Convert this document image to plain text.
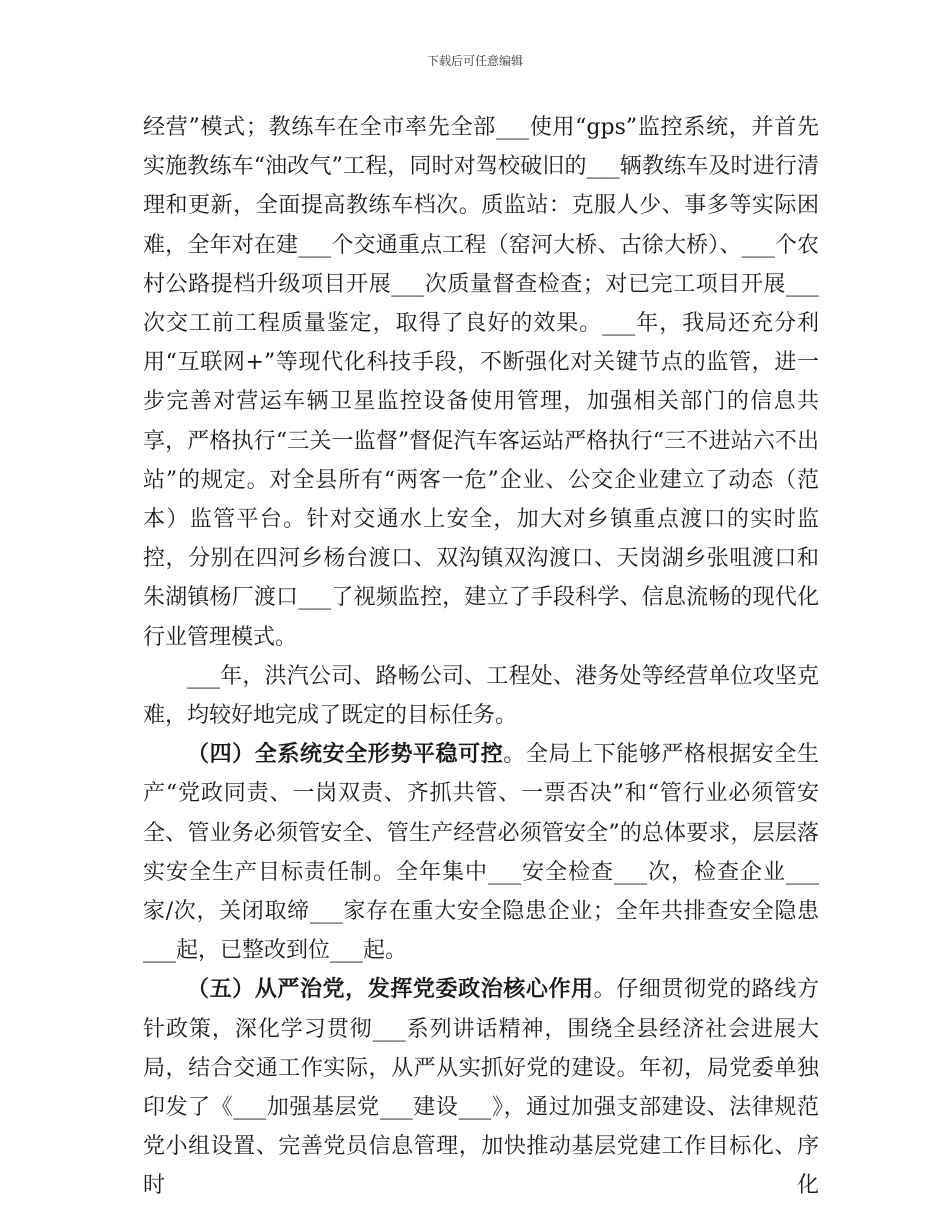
下载后可任意编辑

经营”模式；教练车在全市率先全部___使用“gps”监控系统，并首先实施教练车“油改气”工程，同时对驾校破旧的___辆教练车及时进行清理和更新，全面提高教练车档次。质监站：克服人少、事多等实际困难，全年对在建___个交通重点工程（窑河大桥、古徐大桥）、___个农村公路提档升级项目开展___次质量督查检查；对已完工项目开展___次交工前工程质量鉴定，取得了良好的效果。___年，我局还充分利用“互联网+”等现代化科技手段，不断强化对关键节点的监管，进一步完善对营运车辆卫星监控设备使用管理，加强相关部门的信息共享，严格执行“三关一监督”督促汽车客运站严格执行“三不进站六不出站”的规定。对全县所有“两客一危”企业、公交企业建立了动态（范本）监管平台。针对交通水上安全，加大对乡镇重点渡口的实时监控，分别在四河乡杨台渡口、双沟镇双沟渡口、天岗湖乡张咀渡口和朱湖镇杨厂渡口___了视频监控，建立了手段科学、信息流畅的现代化行业管理模式。

___年，洪汽公司、路畅公司、工程处、港务处等经营单位攻坚克难，均较好地完成了既定的目标任务。

（四）全系统安全形势平稳可控。全局上下能够严格根据安全生产“党政同责、一岗双责、齐抓共管、一票否决”和“管行业必须管安全、管业务必须管安全、管生产经营必须管安全”的总体要求，层层落实安全生产目标责任制。全年集中___安全检查___次，检查企业___家/次，关闭取缔___家存在重大安全隐患企业；全年共排查安全隐患___起，已整改到位___起。

（五）从严治党，发挥党委政治核心作用。仔细贯彻党的路线方针政策，深化学习贯彻___系列讲话精神，围绕全县经济社会进展大局，结合交通工作实际，从严从实抓好党的建设。年初，局党委单独印发了《___加强基层党___建设___》，通过加强支部建设、法律规范党小组设置、完善党员信息管理，加快推动基层党建工作目标化、序时化
